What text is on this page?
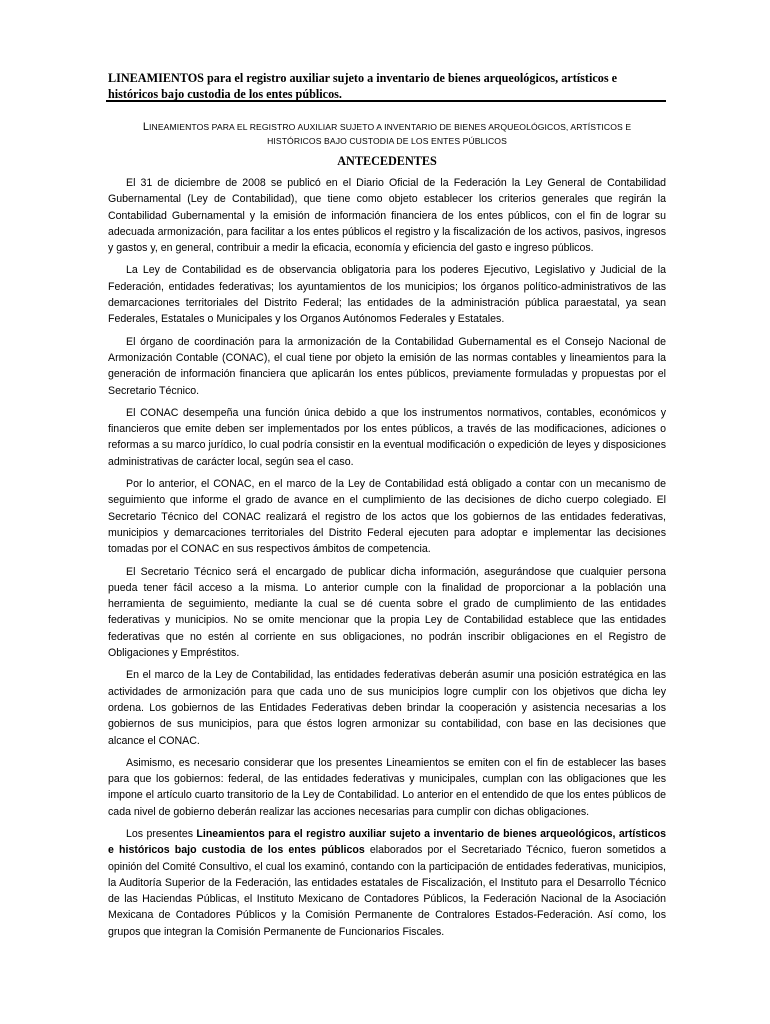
LINEAMIENTOS para el registro auxiliar sujeto a inventario de bienes arqueológicos, artísticos e históricos bajo custodia de los entes públicos.
LINEAMIENTOS PARA EL REGISTRO AUXILIAR SUJETO A INVENTARIO DE BIENES ARQUEOLÓGICOS, ARTÍSTICOS E
HISTÓRICOS BAJO CUSTODIA DE LOS ENTES PÚBLICOS
ANTECEDENTES

El 31 de diciembre de 2008 se publicó en el Diario Oficial de la Federación la Ley General de Contabilidad Gubernamental (Ley de Contabilidad), que tiene como objeto establecer los criterios generales que regirán la Contabilidad Gubernamental y la emisión de información financiera de los entes públicos, con el fin de lograr su adecuada armonización, para facilitar a los entes públicos el registro y la fiscalización de los activos, pasivos, ingresos y gastos y, en general, contribuir a medir la eficacia, economía y eficiencia del gasto e ingreso públicos.

La Ley de Contabilidad es de observancia obligatoria para los poderes Ejecutivo, Legislativo y Judicial de la Federación, entidades federativas; los ayuntamientos de los municipios; los órganos político-administrativos de las demarcaciones territoriales del Distrito Federal; las entidades de la administración pública paraestatal, ya sean Federales, Estatales o Municipales y los Organos Autónomos Federales y Estatales.

El órgano de coordinación para la armonización de la Contabilidad Gubernamental es el Consejo Nacional de Armonización Contable (CONAC), el cual tiene por objeto la emisión de las normas contables y lineamientos para la generación de información financiera que aplicarán los entes públicos, previamente formuladas y propuestas por el Secretario Técnico.

El CONAC desempeña una función única debido a que los instrumentos normativos, contables, económicos y financieros que emite deben ser implementados por los entes públicos, a través de las modificaciones, adiciones o reformas a su marco jurídico, lo cual podría consistir en la eventual modificación o expedición de leyes y disposiciones administrativas de carácter local, según sea el caso.

Por lo anterior, el CONAC, en el marco de la Ley de Contabilidad está obligado a contar con un mecanismo de seguimiento que informe el grado de avance en el cumplimiento de las decisiones de dicho cuerpo colegiado. El Secretario Técnico del CONAC realizará el registro de los actos que los gobiernos de las entidades federativas, municipios y demarcaciones territoriales del Distrito Federal ejecuten para adoptar e implementar las decisiones tomadas por el CONAC en sus respectivos ámbitos de competencia.

El Secretario Técnico será el encargado de publicar dicha información, asegurándose que cualquier persona pueda tener fácil acceso a la misma. Lo anterior cumple con la finalidad de proporcionar a la población una herramienta de seguimiento, mediante la cual se dé cuenta sobre el grado de cumplimiento de las entidades federativas y municipios. No se omite mencionar que la propia Ley de Contabilidad establece que las entidades federativas que no estén al corriente en sus obligaciones, no podrán inscribir obligaciones en el Registro de Obligaciones y Empréstitos.

En el marco de la Ley de Contabilidad, las entidades federativas deberán asumir una posición estratégica en las actividades de armonización para que cada uno de sus municipios logre cumplir con los objetivos que dicha ley ordena. Los gobiernos de las Entidades Federativas deben brindar la cooperación y asistencia necesarias a los gobiernos de sus municipios, para que éstos logren armonizar su contabilidad, con base en las decisiones que alcance el CONAC.

Asimismo, es necesario considerar que los presentes Lineamientos se emiten con el fin de establecer las bases para que los gobiernos: federal, de las entidades federativas y municipales, cumplan con las obligaciones que les impone el artículo cuarto transitorio de la Ley de Contabilidad. Lo anterior en el entendido de que los entes públicos de cada nivel de gobierno deberán realizar las acciones necesarias para cumplir con dichas obligaciones.

Los presentes Lineamientos para el registro auxiliar sujeto a inventario de bienes arqueológicos, artísticos e históricos bajo custodia de los entes públicos elaborados por el Secretariado Técnico, fueron sometidos a opinión del Comité Consultivo, el cual los examinó, contando con la participación de entidades federativas, municipios, la Auditoría Superior de la Federación, las entidades estatales de Fiscalización, el Instituto para el Desarrollo Técnico de las Haciendas Públicas, el Instituto Mexicano de Contadores Públicos, la Federación Nacional de la Asociación Mexicana de Contadores Públicos y la Comisión Permanente de Contralores Estados-Federación. Así como, los grupos que integran la Comisión Permanente de Funcionarios Fiscales.
